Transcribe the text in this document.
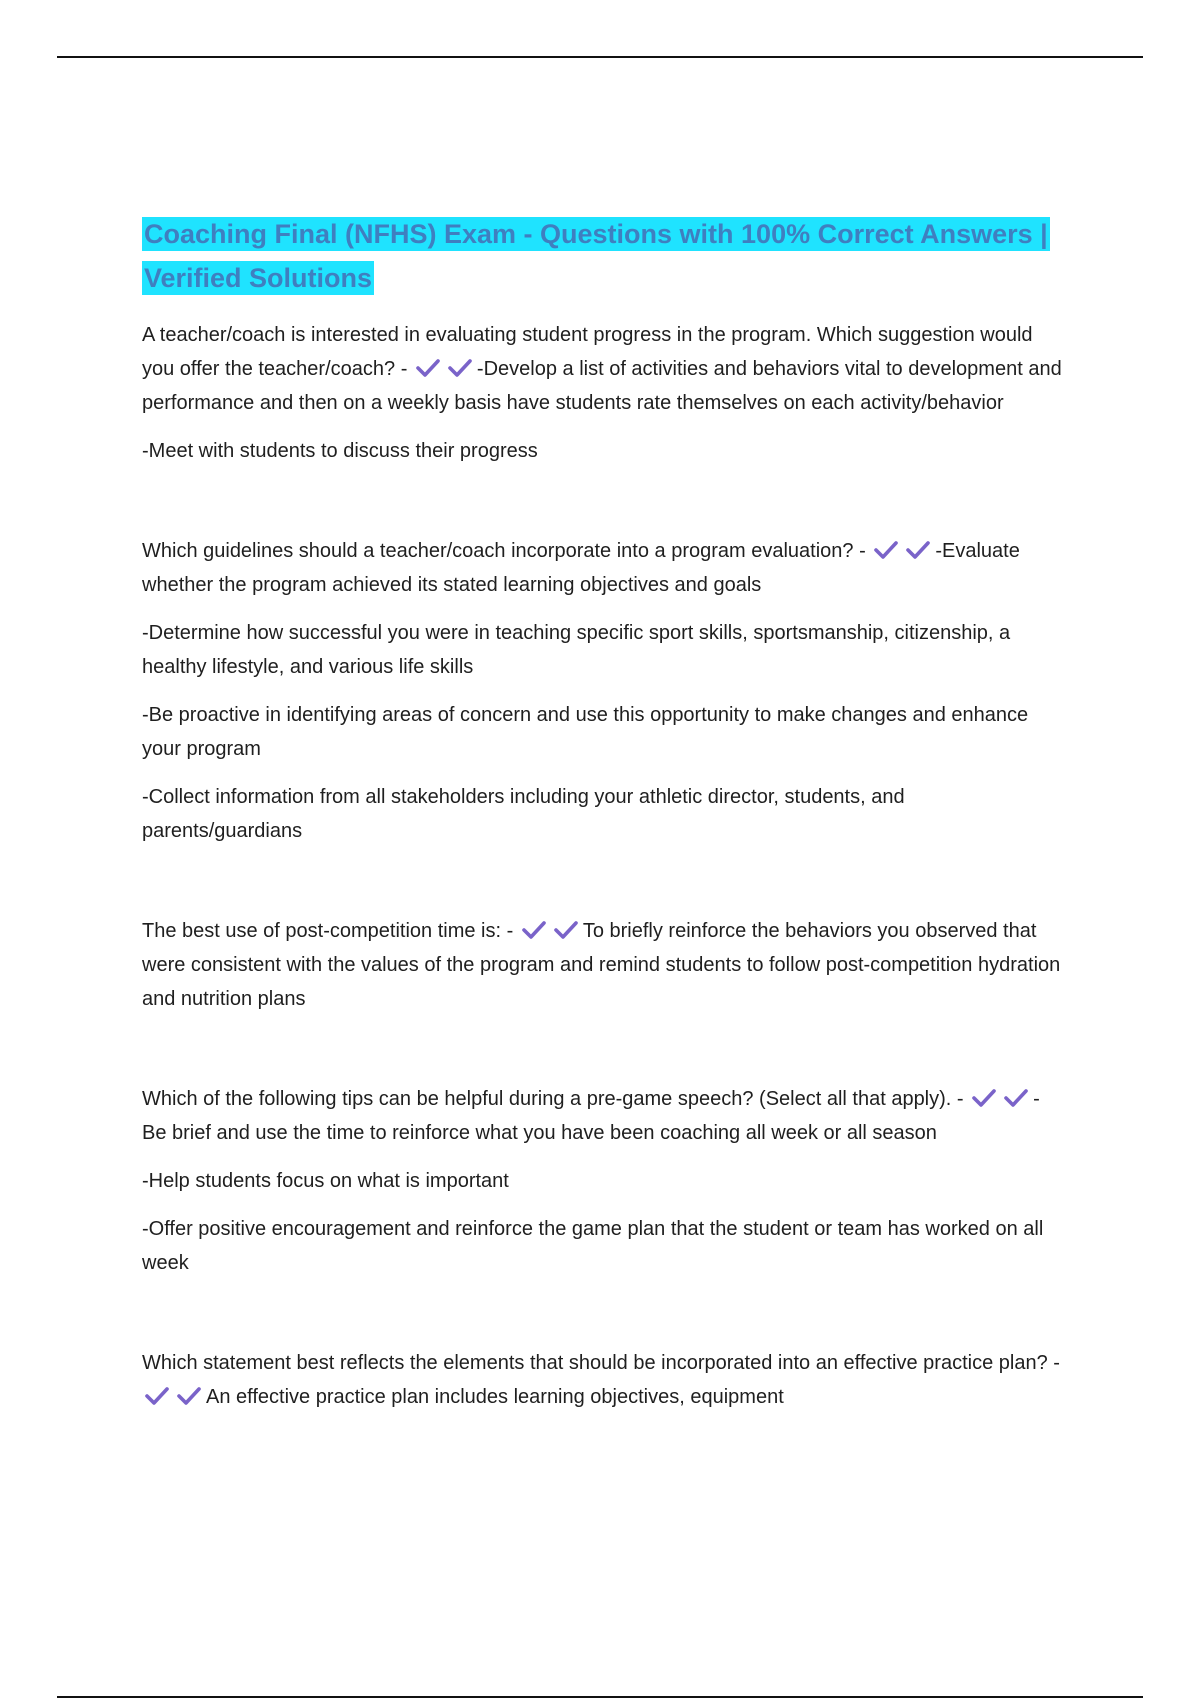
Coaching Final (NFHS) Exam - Questions with 100% Correct Answers | Verified Solutions

A teacher/coach is interested in evaluating student progress in the program. Which suggestion would you offer the teacher/coach? -	-Develop a list of activities and behaviors vital to development and performance and then on a weekly basis have students rate themselves on each activity/behavior

-Meet with students to discuss their progress

Which guidelines should a teacher/coach incorporate into a program evaluation? -	-Evaluate whether the program achieved its stated learning objectives and goals

-Determine how successful you were in teaching specific sport skills, sportsmanship, citizenship, a healthy lifestyle, and various life skills

-Be proactive in identifying areas of concern and use this opportunity to make changes and enhance your program

-Collect information from all stakeholders including your athletic director, students, and parents/guardians

The best use of post-competition time is: -	To briefly reinforce the behaviors you observed that were consistent with the values of the program and remind students to follow post-competition hydration and nutrition plans

Which of the following tips can be helpful during a pre-game speech? (Select all that apply). -	-Be brief and use the time to reinforce what you have been coaching all week or all season

-Help students focus on what is important

-Offer positive encouragement and reinforce the game plan that the student or team has worked on all week

Which statement best reflects the elements that should be incorporated into an effective practice plan? -
An effective practice plan includes learning objectives, equipment
